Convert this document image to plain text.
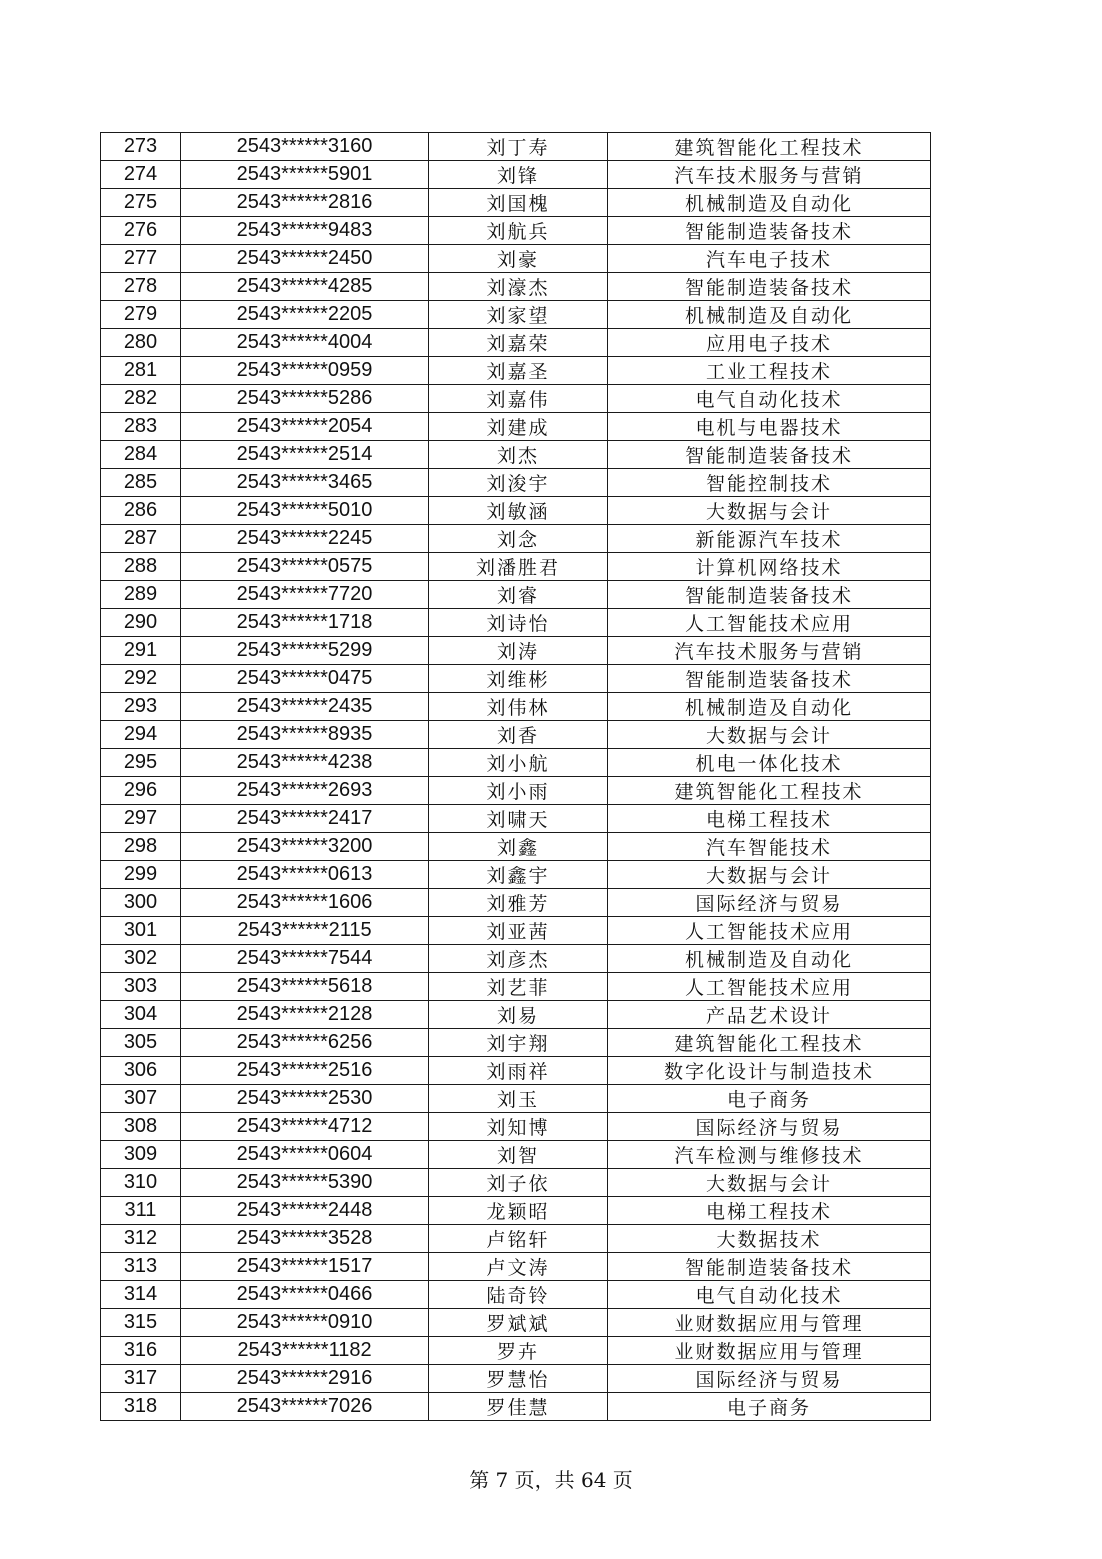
273	2543******3160	刘丁寿	建筑智能化工程技术
274	2543******5901	刘锋	汽车技术服务与营销
275	2543******2816	刘国槐	机械制造及自动化
276	2543******9483	刘航兵	智能制造装备技术
277	2543******2450	刘豪	汽车电子技术
278	2543******4285	刘濠杰	智能制造装备技术
279	2543******2205	刘家望	机械制造及自动化
280	2543******4004	刘嘉荣	应用电子技术
281	2543******0959	刘嘉圣	工业工程技术
282	2543******5286	刘嘉伟	电气自动化技术
283	2543******2054	刘建成	电机与电器技术
284	2543******2514	刘杰	智能制造装备技术
285	2543******3465	刘浚宇	智能控制技术
286	2543******5010	刘敏涵	大数据与会计
287	2543******2245	刘念	新能源汽车技术
288	2543******0575	刘潘胜君	计算机网络技术
289	2543******7720	刘睿	智能制造装备技术
290	2543******1718	刘诗怡	人工智能技术应用
291	2543******5299	刘涛	汽车技术服务与营销
292	2543******0475	刘维彬	智能制造装备技术
293	2543******2435	刘伟林	机械制造及自动化
294	2543******8935	刘香	大数据与会计
295	2543******4238	刘小航	机电一体化技术
296	2543******2693	刘小雨	建筑智能化工程技术
297	2543******2417	刘啸天	电梯工程技术
298	2543******3200	刘鑫	汽车智能技术
299	2543******0613	刘鑫宇	大数据与会计
300	2543******1606	刘雅芳	国际经济与贸易
301	2543******2115	刘亚茜	人工智能技术应用
302	2543******7544	刘彦杰	机械制造及自动化
303	2543******5618	刘艺菲	人工智能技术应用
304	2543******2128	刘易	产品艺术设计
305	2543******6256	刘宇翔	建筑智能化工程技术
306	2543******2516	刘雨祥	数字化设计与制造技术
307	2543******2530	刘玉	电子商务
308	2543******4712	刘知博	国际经济与贸易
309	2543******0604	刘智	汽车检测与维修技术
310	2543******5390	刘子依	大数据与会计
311	2543******2448	龙颖昭	电梯工程技术
312	2543******3528	卢铭轩	大数据技术
313	2543******1517	卢文涛	智能制造装备技术
314	2543******0466	陆奇铃	电气自动化技术
315	2543******0910	罗斌斌	业财数据应用与管理
316	2543******1182	罗卉	业财数据应用与管理
317	2543******2916	罗慧怡	国际经济与贸易
318	2543******7026	罗佳慧	电子商务
第 7 页，共 64 页
